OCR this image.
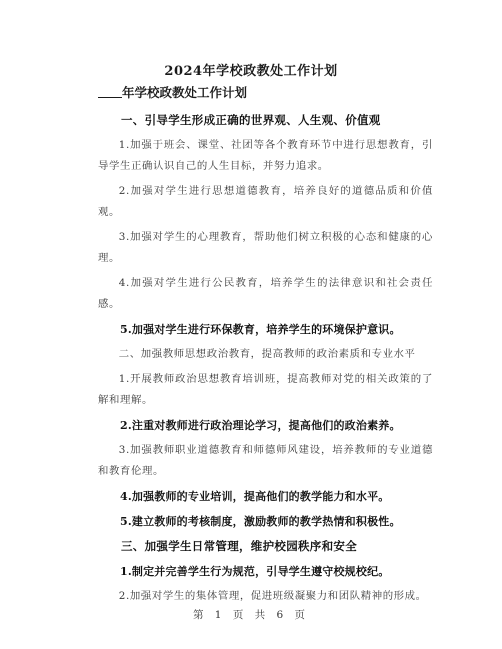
2024年学校政教处工作计划
年学校政教处工作计划

一、引导学生形成正确的世界观、人生观、价值观

1.加强于班会、课堂、社团等各个教育环节中进行思想教育，引导学生正确认识自己的人生目标，并努力追求。

2.加强对学生进行思想道德教育，培养良好的道德品质和价值观。

3.加强对学生的心理教育，帮助他们树立积极的心态和健康的心理。

4.加强对学生进行公民教育，培养学生的法律意识和社会责任感。

5.加强对学生进行环保教育，培养学生的环境保护意识。

二、加强教师思想政治教育，提高教师的政治素质和专业水平

1.开展教师政治思想教育培训班，提高教师对党的相关政策的了解和理解。

2.注重对教师进行政治理论学习，提高他们的政治素养。

3.加强教师职业道德教育和师德师风建设，培养教师的专业道德和教育伦理。

4.加强教师的专业培训，提高他们的教学能力和水平。

5.建立教师的考核制度，激励教师的教学热情和积极性。

三、加强学生日常管理，维护校园秩序和安全

1.制定并完善学生行为规范，引导学生遵守校规校纪。

2.加强对学生的集体管理，促进班级凝聚力和团队精神的形成。

第 1 页 共 6 页
